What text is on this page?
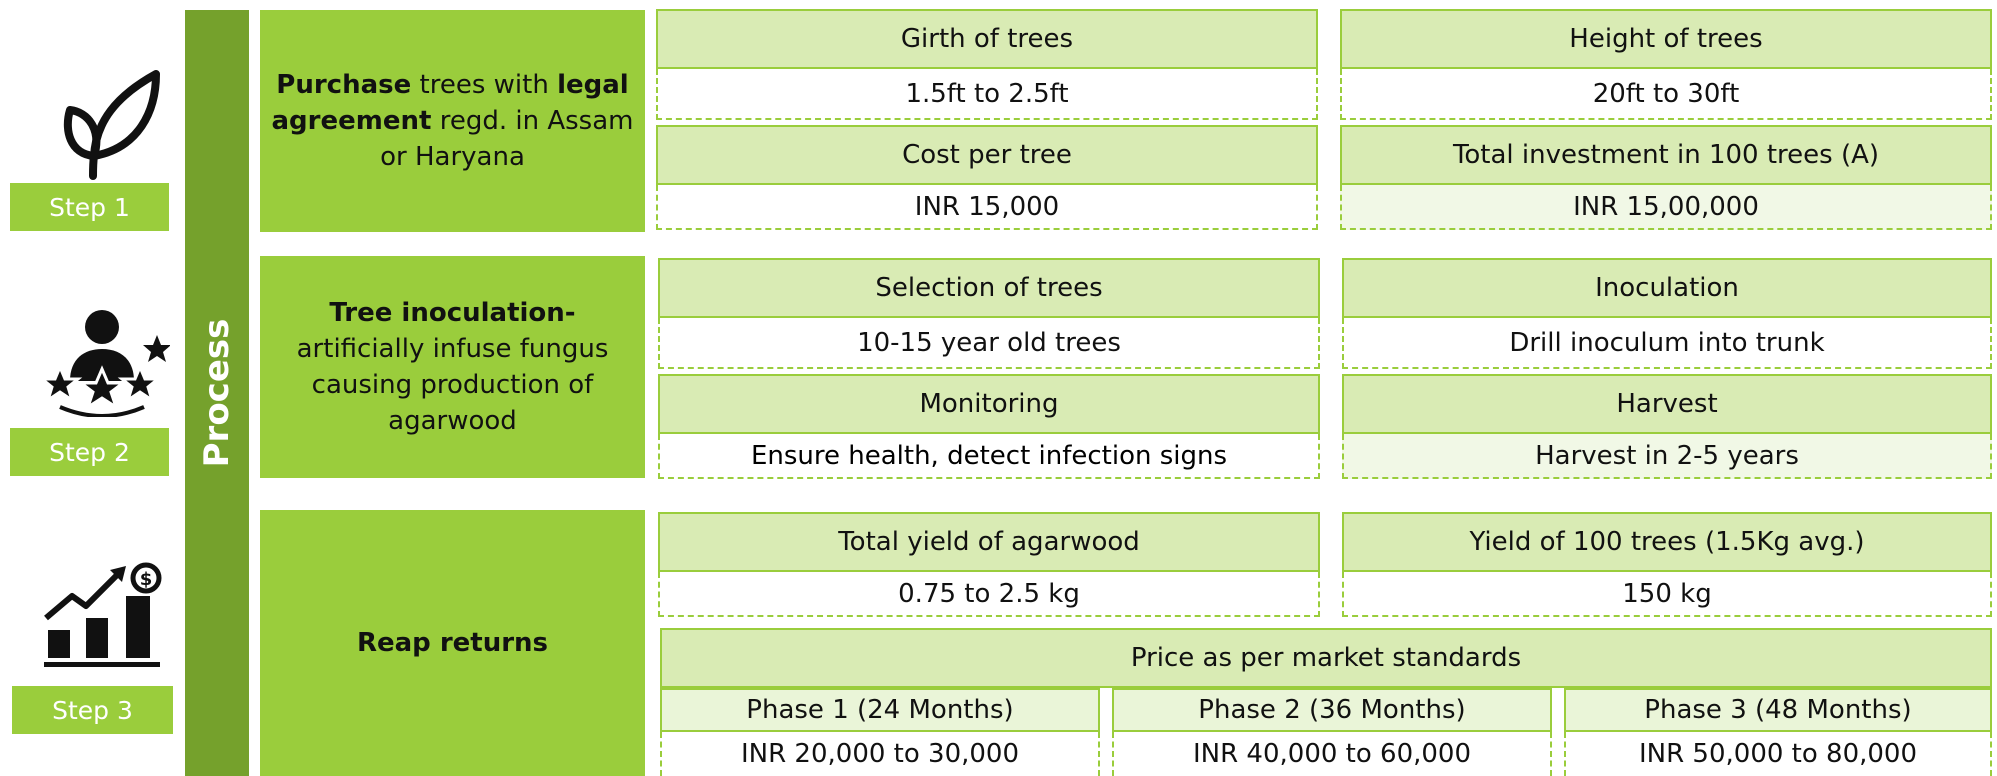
Step 1
Step 2
$
Step 3
Process
Purchase trees with legal agreement regd. in Assam or Haryana
Girth of trees
1.5ft to 2.5ft
Height of trees
20ft to 30ft
Cost per tree
INR 15,000
Total investment in 100 trees (A)
INR 15,00,000
Tree inoculation-
artificially infuse fungus causing production of agarwood
Selection of trees
10-15 year old trees
Inoculation
Drill inoculum into trunk
Monitoring
Ensure health, detect infection signs
Harvest
Harvest in 2-5 years
Reap returns
Total yield of agarwood
0.75 to 2.5 kg
Yield of 100 trees (1.5Kg avg.)
150 kg
Price as per market standards
Phase 1 (24 Months)
INR 20,000 to 30,000
Phase 2 (36 Months)
INR 40,000 to 60,000
Phase 3 (48 Months)
INR 50,000 to 80,000
